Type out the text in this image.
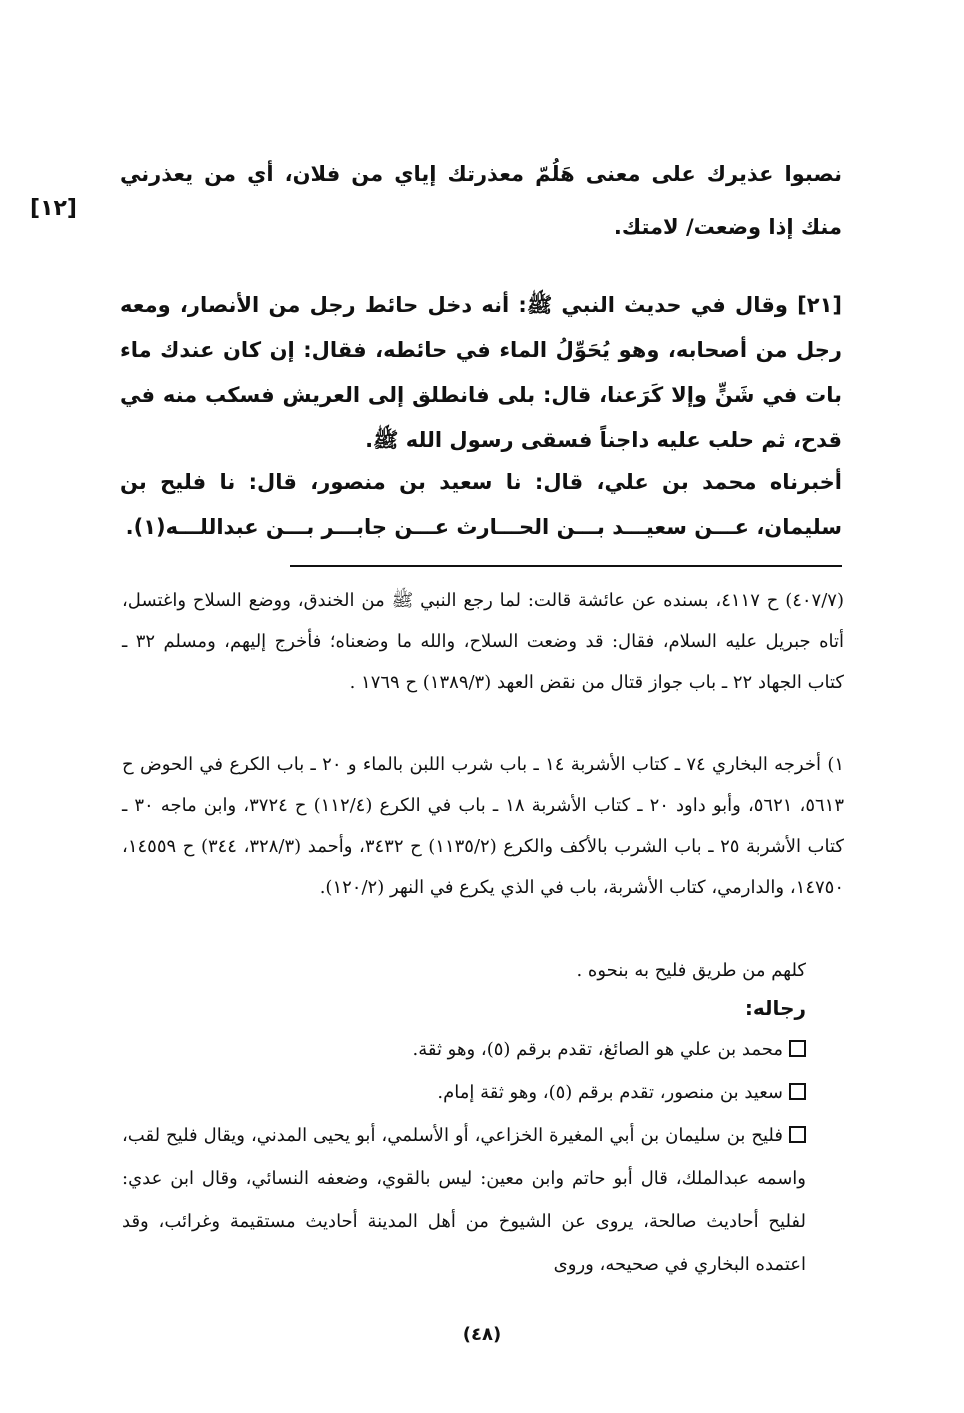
[١٢]

نصبوا عذيرك على معنى هَلُمّ معذرتك إياي من فلان، أي من يعذرني منك إذا وضعت/ لامتك.

[٢١] وقال في حديث النبي ﷺ: أنه دخل حائط رجل من الأنصار، ومعه رجل من أصحابه، وهو يُحَوِّلُ الماء في حائطه، فقال: إن كان عندك ماء بات في شَنٍّ وإلا كَرَعنا، قال: بلى فانطلق إلى العريش فسكب منه في قدح، ثم حلب عليه داجناً فسقى رسول الله ﷺ.

أخبرناه محمد بن علي، قال: نا سعيد بن منصور، قال: نا فليح بن سليمان، عـــن سعيـــد بـــن الحـــارث عـــن جابـــر بـــن عبداللـــه(١).

(٤٠٧/٧) ح ٤١١٧، بسنده عن عائشة قالت: لما رجع النبي ﷺ من الخندق، ووضع السلاح واغتسل، أتاه جبريل عليه السلام، فقال: قد وضعت السلاح، والله ما وضعناه؛ فأخرج إليهم، ومسلم ٣٢ ـ كتاب الجهاد ٢٢ ـ باب جواز قتال من نقض العهد (١٣٨٩/٣) ح ١٧٦٩ .

١) أخرجه البخاري ٧٤ ـ كتاب الأشربة ١٤ ـ باب شرب اللبن بالماء و ٢٠ ـ باب الكرع في الحوض ح ٥٦١٣، ٥٦٢١، وأبو داود ٢٠ ـ كتاب الأشربة ١٨ ـ باب في الكرع (١١٢/٤) ح ٣٧٢٤، وابن ماجه ٣٠ ـ كتاب الأشربة ٢٥ ـ باب الشرب بالأكف والكرع (١١٣٥/٢) ح ٣٤٣٢، وأحمد (٣٢٨/٣، ٣٤٤) ح ١٤٥٥٩، ١٤٧٥٠، والدارمي، كتاب الأشربة، باب في الذي يكرع في النهر (١٢٠/٢).

كلهم من طريق فليح به بنحوه .

رجاله:

محمد بن علي هو الصائغ، تقدم برقم (٥)، وهو ثقة.

سعيد بن منصور، تقدم برقم (٥)، وهو ثقة إمام.

فليح بن سليمان بن أبي المغيرة الخزاعي، أو الأسلمي، أبو يحيى المدني، ويقال فليح لقب، واسمه عبدالملك، قال أبو حاتم وابن معين: ليس بالقوي، وضعفه النسائي، وقال ابن عدي: لفليح أحاديث صالحة، يروى عن الشيوخ من أهل المدينة أحاديث مستقيمة وغرائب، وقد اعتمده البخاري في صحيحه، وروى

(٤٨)
